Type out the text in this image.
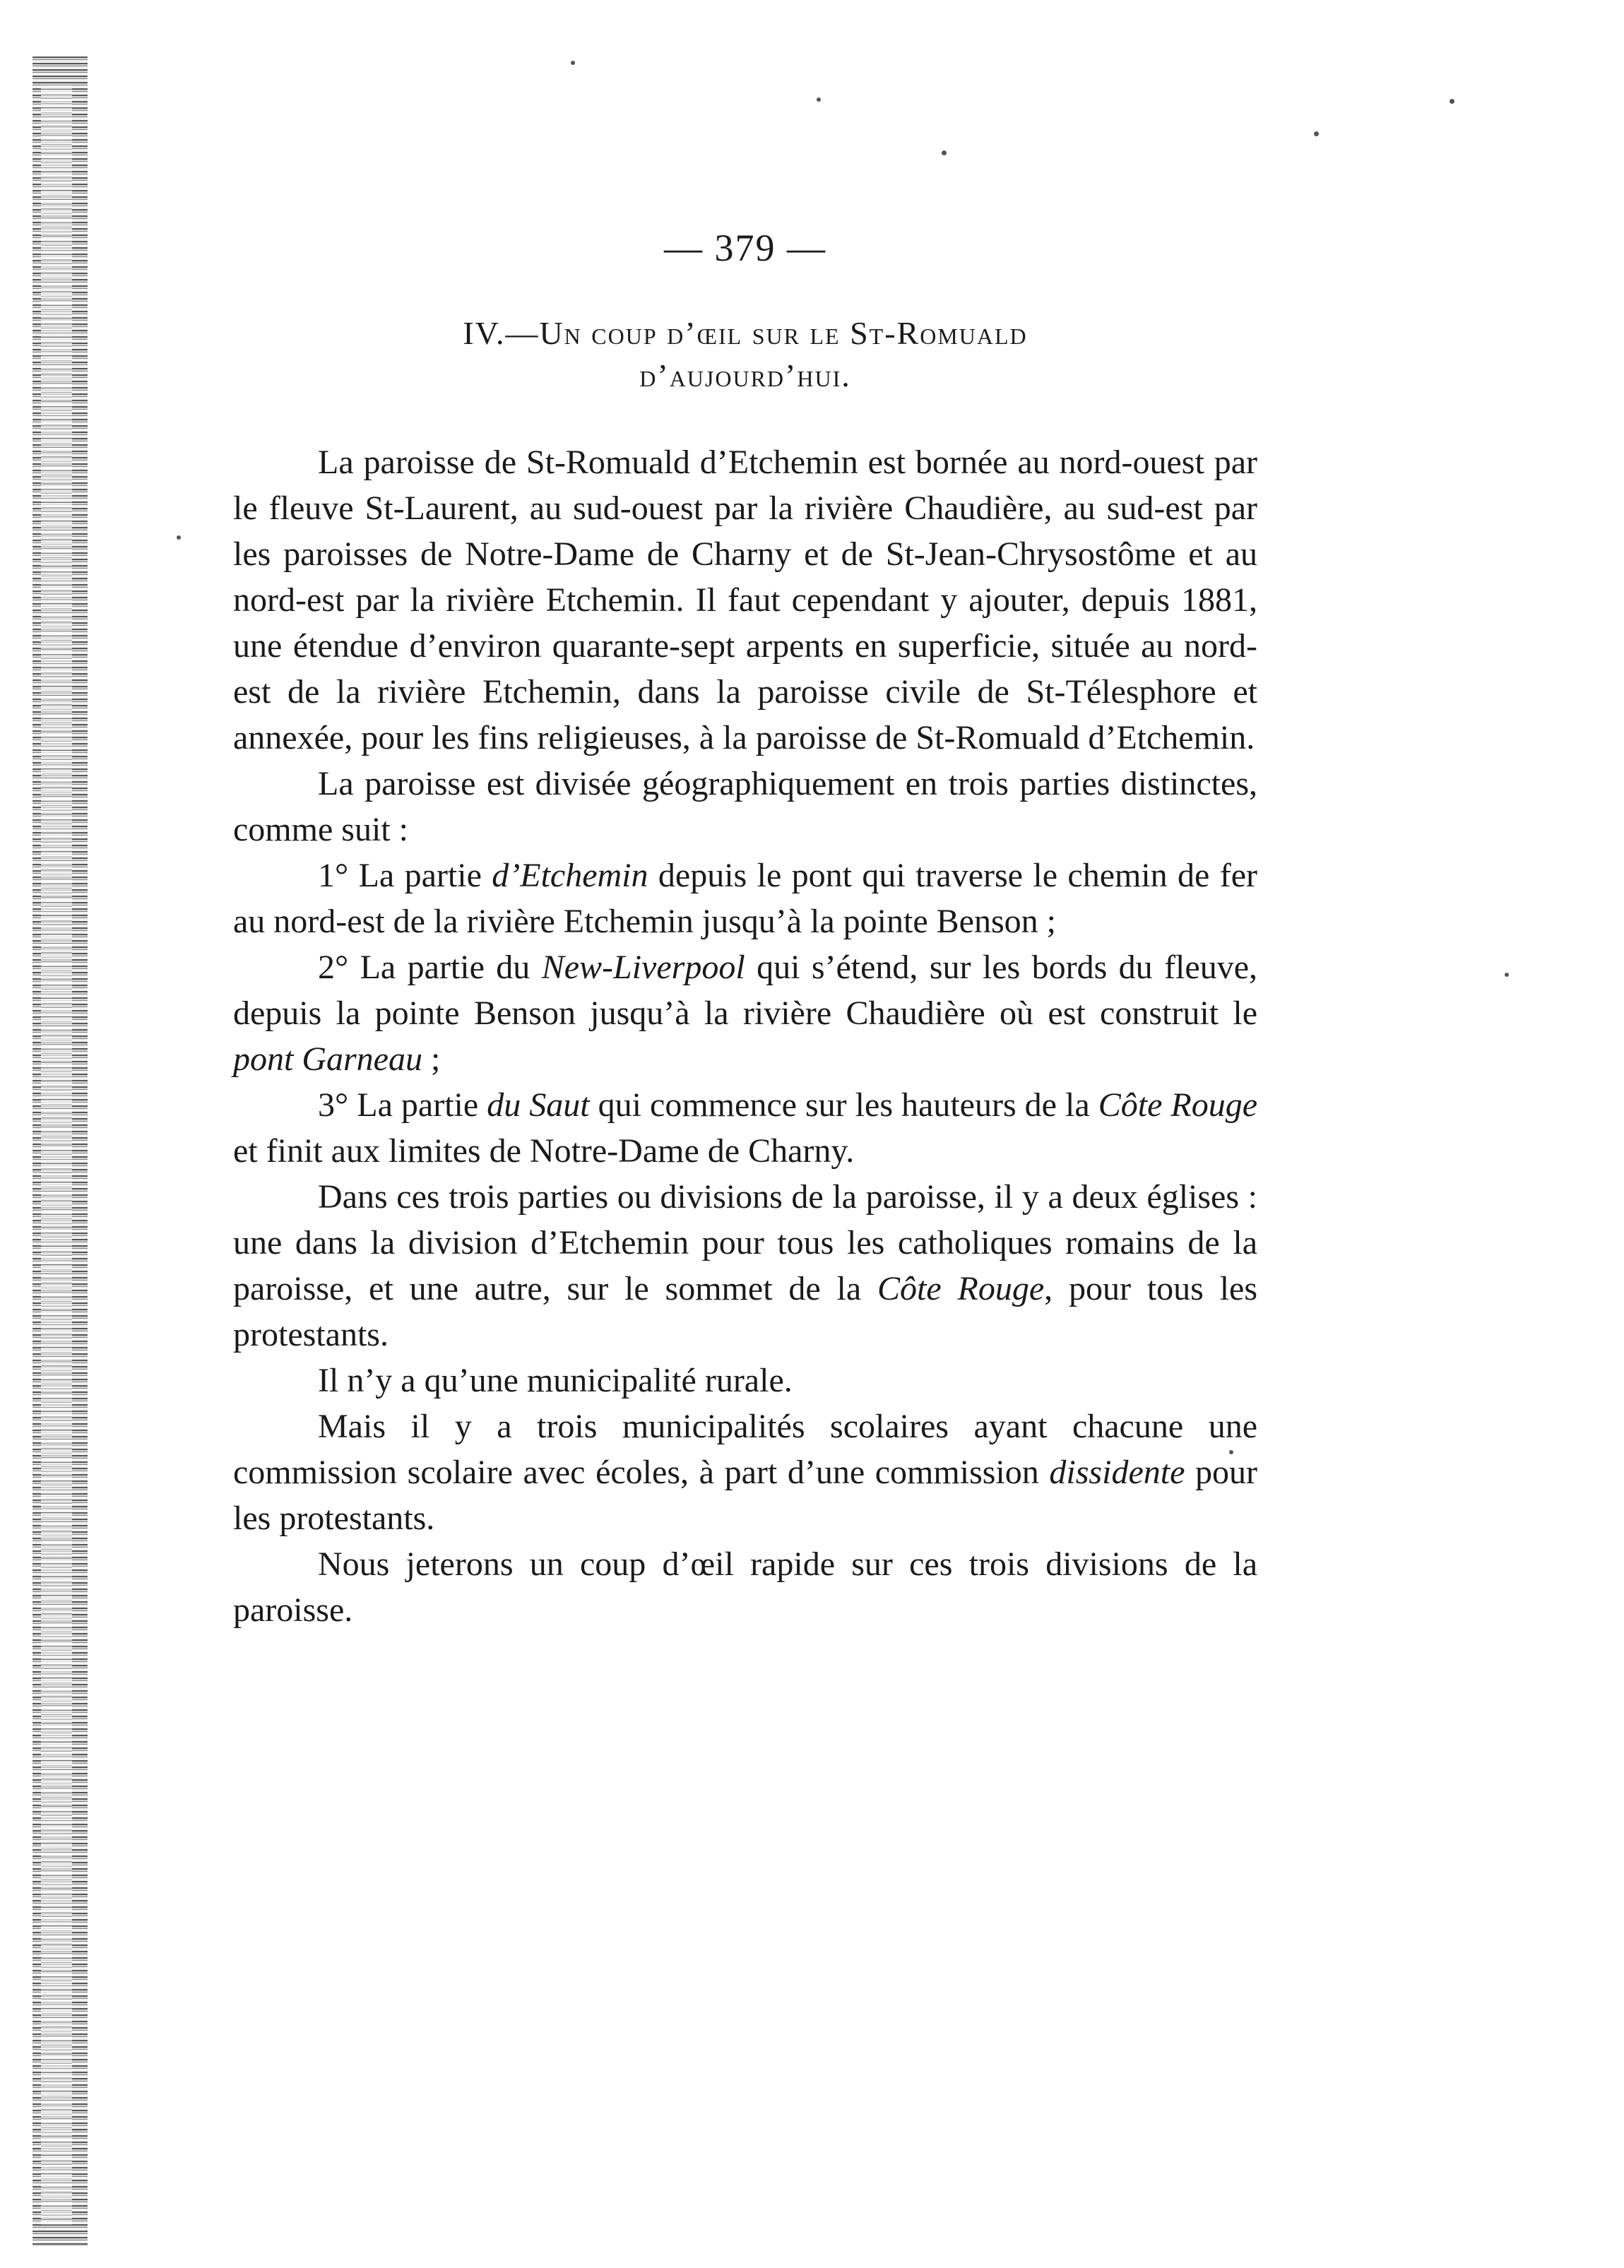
— 379 —
IV.—Un coup d’œil sur le St-Romuald
d’aujourd’hui.

La paroisse de St-Romuald d’Etchemin est bornée au nord-ouest par le fleuve St-Laurent, au sud-ouest par la rivière Chaudière, au sud-est par les paroisses de Notre-Dame de Charny et de St-Jean-Chrysostôme et au nord-est par la rivière Etchemin. Il faut cependant y ajouter, depuis 1881, une étendue d’environ quarante-sept arpents en superficie, située au nord-est de la rivière Etchemin, dans la paroisse civile de St-Télesphore et annexée, pour les fins religieuses, à la paroisse de St-Romuald d’Etchemin.

La paroisse est divisée géographiquement en trois parties distinctes, comme suit :

1° La partie d’Etchemin depuis le pont qui traverse le chemin de fer au nord-est de la rivière Etchemin jusqu’à la pointe Benson ;

2° La partie du New-Liverpool qui s’étend, sur les bords du fleuve, depuis la pointe Benson jusqu’à la rivière Chaudière où est construit le pont Garneau ;

3° La partie du Saut qui commence sur les hauteurs de la Côte Rouge et finit aux limites de Notre-Dame de Charny.

Dans ces trois parties ou divisions de la paroisse, il y a deux églises : une dans la division d’Etchemin pour tous les catholiques romains de la paroisse, et une autre, sur le sommet de la Côte Rouge, pour tous les protestants.

Il n’y a qu’une municipalité rurale.

Mais il y a trois municipalités scolaires ayant chacune une commission scolaire avec écoles, à part d’une commission dissidente pour les protestants.

Nous jeterons un coup d’œil rapide sur ces trois divisions de la paroisse.
